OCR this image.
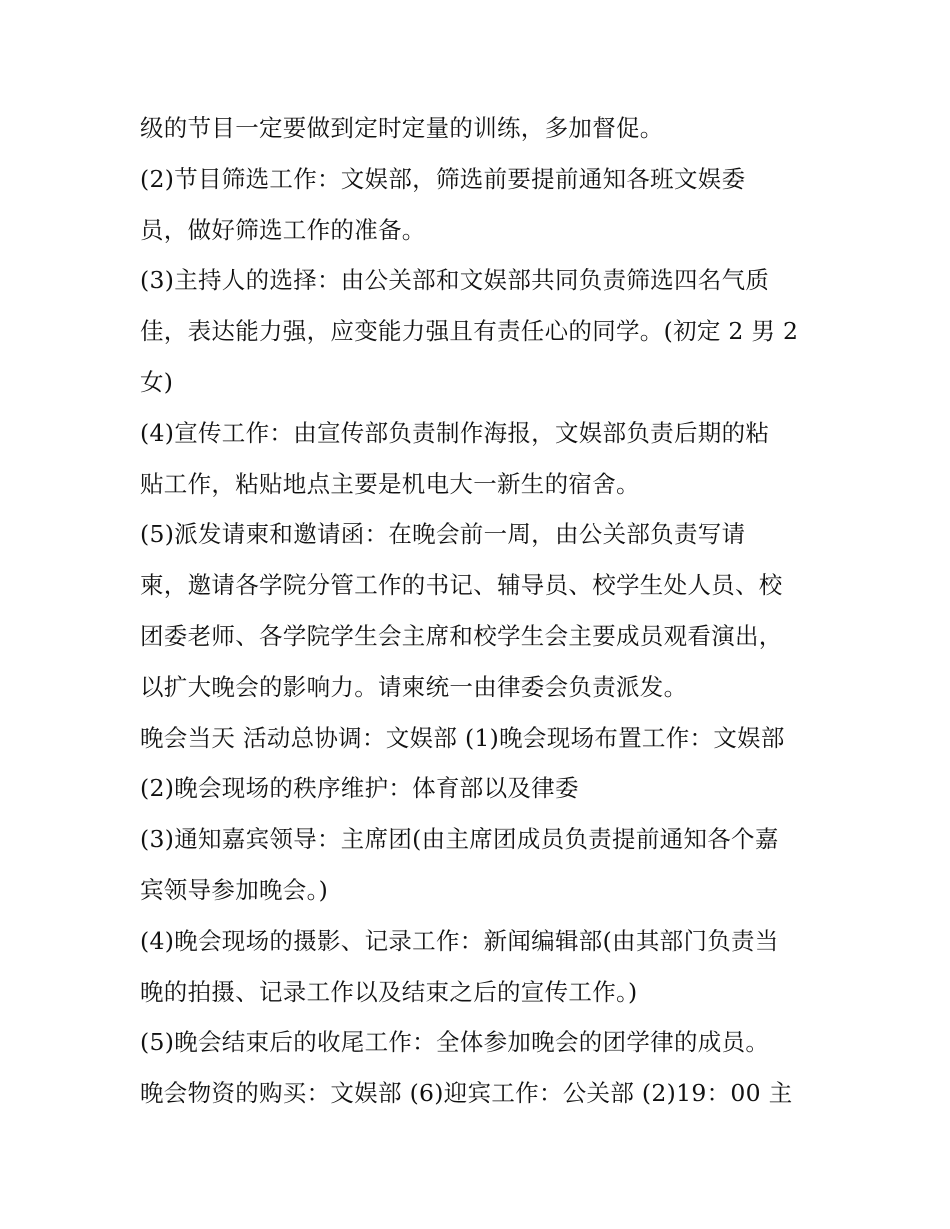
级的节目一定要做到定时定量的训练，多加督促。
(2)节目筛选工作：文娱部，筛选前要提前通知各班文娱委
员，做好筛选工作的准备。
(3)主持人的选择：由公关部和文娱部共同负责筛选四名气质
佳，表达能力强，应变能力强且有责任心的同学。(初定 2 男 2
女)
(4)宣传工作：由宣传部负责制作海报，文娱部负责后期的粘
贴工作，粘贴地点主要是机电大一新生的宿舍。
(5)派发请柬和邀请函：在晚会前一周，由公关部负责写请
柬，邀请各学院分管工作的书记、辅导员、校学生处人员、校
团委老师、各学院学生会主席和校学生会主要成员观看演出，
以扩大晚会的影响力。请柬统一由律委会负责派发。
晚会当天 活动总协调：文娱部 (1)晚会现场布置工作：文娱部
(2)晚会现场的秩序维护：体育部以及律委
(3)通知嘉宾领导：主席团(由主席团成员负责提前通知各个嘉
宾领导参加晚会。)
(4)晚会现场的摄影、记录工作：新闻编辑部(由其部门负责当
晚的拍摄、记录工作以及结束之后的宣传工作。)
(5)晚会结束后的收尾工作：全体参加晚会的团学律的成员。
晚会物资的购买：文娱部 (6)迎宾工作：公关部 (2)19：00 主
